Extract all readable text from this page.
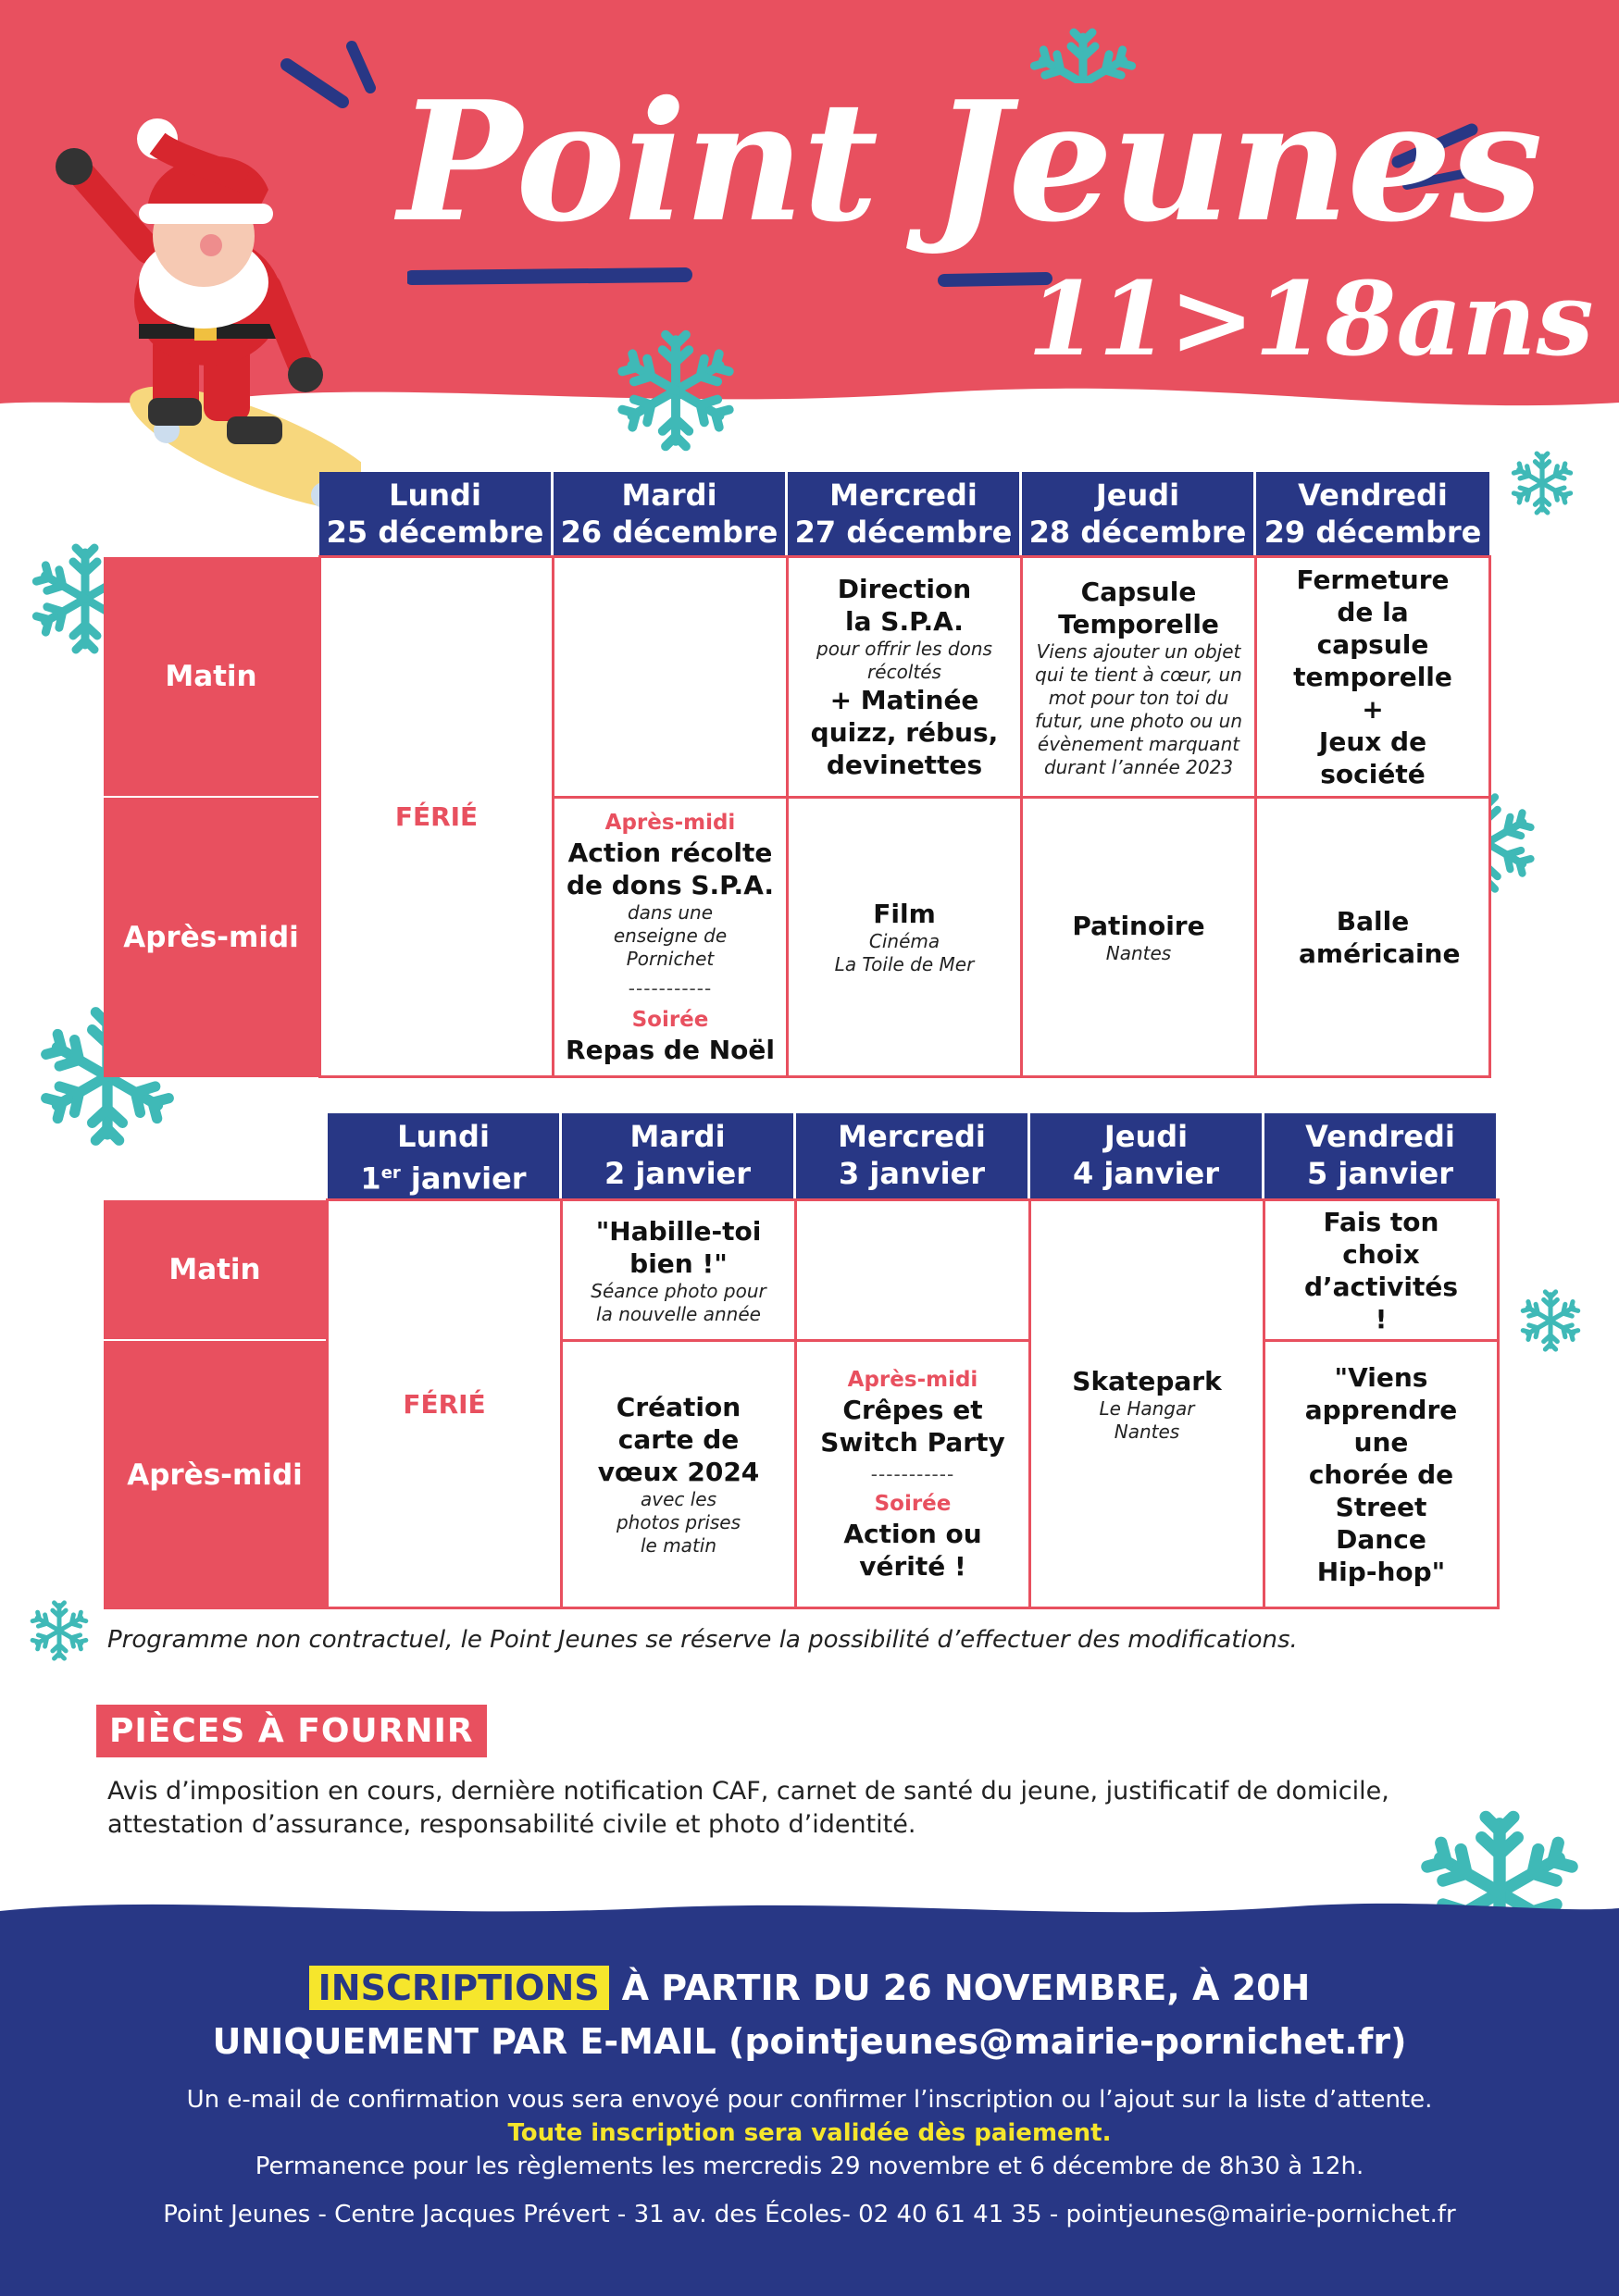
Point Jeunes
11>18ans
Lundi
25 décembre
Mardi
26 décembre
Mercredi
27 décembre
Jeudi
28 décembre
Vendredi
29 décembre
Matin
Après-midi
FÉRIÉ
Direction la S.P.A.
pour offrir les dons récoltés
+ Matinée quizz, rébus, devinettes
Capsule Temporelle
Viens ajouter un objet qui te tient à cœur, un mot pour ton toi du futur, une photo ou un évènement marquant durant l’année 2023
Fermeture de la capsule temporelle
+
Jeux de société
Après-midi
Action récolte de dons S.P.A.
dans une enseigne de Pornichet
-----------
Soirée
Repas de Noël
Film
Cinéma
La Toile de Mer
Patinoire
Nantes
Balle américaine
Lundi
1er janvier
Mardi
2 janvier
Mercredi
3 janvier
Jeudi
4 janvier
Vendredi
5 janvier
Matin
Après-midi
FÉRIÉ
"Habille-toi bien !"
Séance photo pour la nouvelle année
Skatepark
Le Hangar
Nantes
Fais ton choix d’activités !
Création carte de vœux 2024
avec les photos prises le matin
Après-midi
Crêpes et Switch Party
-----------
Soirée
Action ou vérité !
"Viens apprendre une chorée de Street Dance Hip-hop"
Programme non contractuel, le Point Jeunes se réserve la possibilité d’effectuer des modifications.
PIÈCES À FOURNIR
Avis d’imposition en cours, dernière notification CAF, carnet de santé du jeune, justificatif de domicile, attestation d’assurance, responsabilité civile et photo d’identité.
INSCRIPTIONS À PARTIR DU 26 NOVEMBRE, À 20H
UNIQUEMENT PAR E-MAIL (pointjeunes@mairie-pornichet.fr)
Un e-mail de confirmation vous sera envoyé pour confirmer l’inscription ou l’ajout sur la liste d’attente.
Toute inscription sera validée dès paiement.
Permanence pour les règlements les mercredis 29 novembre et 6 décembre de 8h30 à 12h.
Point Jeunes - Centre Jacques Prévert - 31 av. des Écoles- 02 40 61 41 35 - pointjeunes@mairie-pornichet.fr
